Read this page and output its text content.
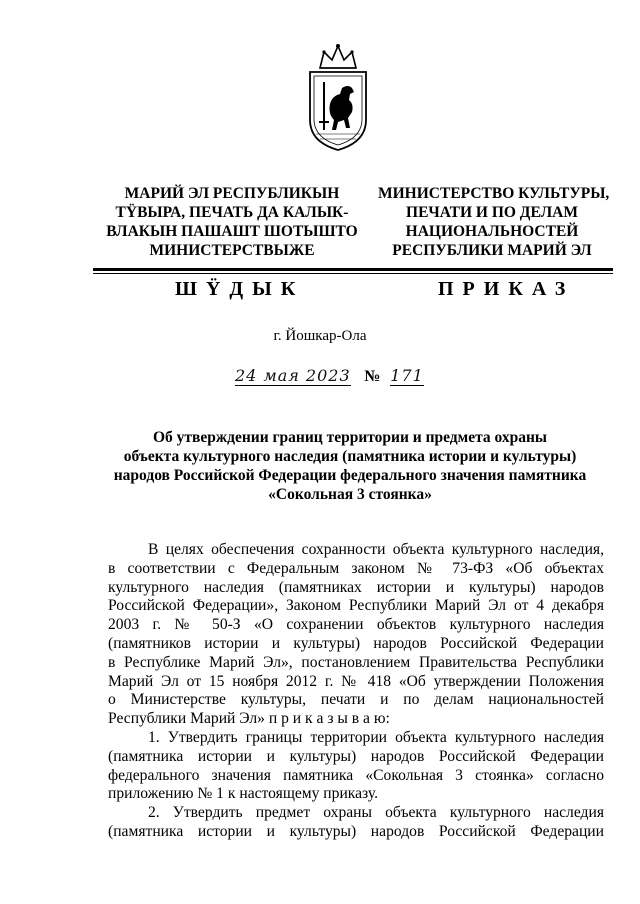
МАРИЙ ЭЛ РЕСПУБЛИКЫН
ТŸВЫРА, ПЕЧАТЬ ДА КАЛЫК-
ВЛАКЫН ПАШАШТ ШОТЫШТО
МИНИСТЕРСТВЫЖЕ
МИНИСТЕРСТВО КУЛЬТУРЫ,
ПЕЧАТИ И ПО ДЕЛАМ
НАЦИОНАЛЬНОСТЕЙ
РЕСПУБЛИКИ МАРИЙ ЭЛ
ШŸДЫК	ПРИКАЗ
г. Йошкар-Ола
24 мая 2023 № 171
Об утверждении границ территории и предмета охраны
объекта культурного наследия (памятника истории и культуры)
народов Российской Федерации федерального значения памятника
«Сокольная 3 стоянка»
В целях обеспечения сохранности объекта культурного наследия,
в соответствии с Федеральным законом № 73-ФЗ «Об объектах
культурного наследия (памятниках истории и культуры) народов
Российской Федерации», Законом Республики Марий Эл от 4 декабря
2003 г. № 50-З «О сохранении объектов культурного наследия
(памятников истории и культуры) народов Российской Федерации
в Республике Марий Эл», постановлением Правительства Республики
Марий Эл от 15 ноября 2012 г. № 418 «Об утверждении Положения
о Министерстве культуры, печати и по делам национальностей
Республики Марий Эл» п р и к а з ы в а ю:
1. Утвердить границы территории объекта культурного наследия
(памятника истории и культуры) народов Российской Федерации
федерального значения памятника «Сокольная 3 стоянка» согласно
приложению № 1 к настоящему приказу.
2. Утвердить предмет охраны объекта культурного наследия
(памятника истории и культуры) народов Российской Федерации
